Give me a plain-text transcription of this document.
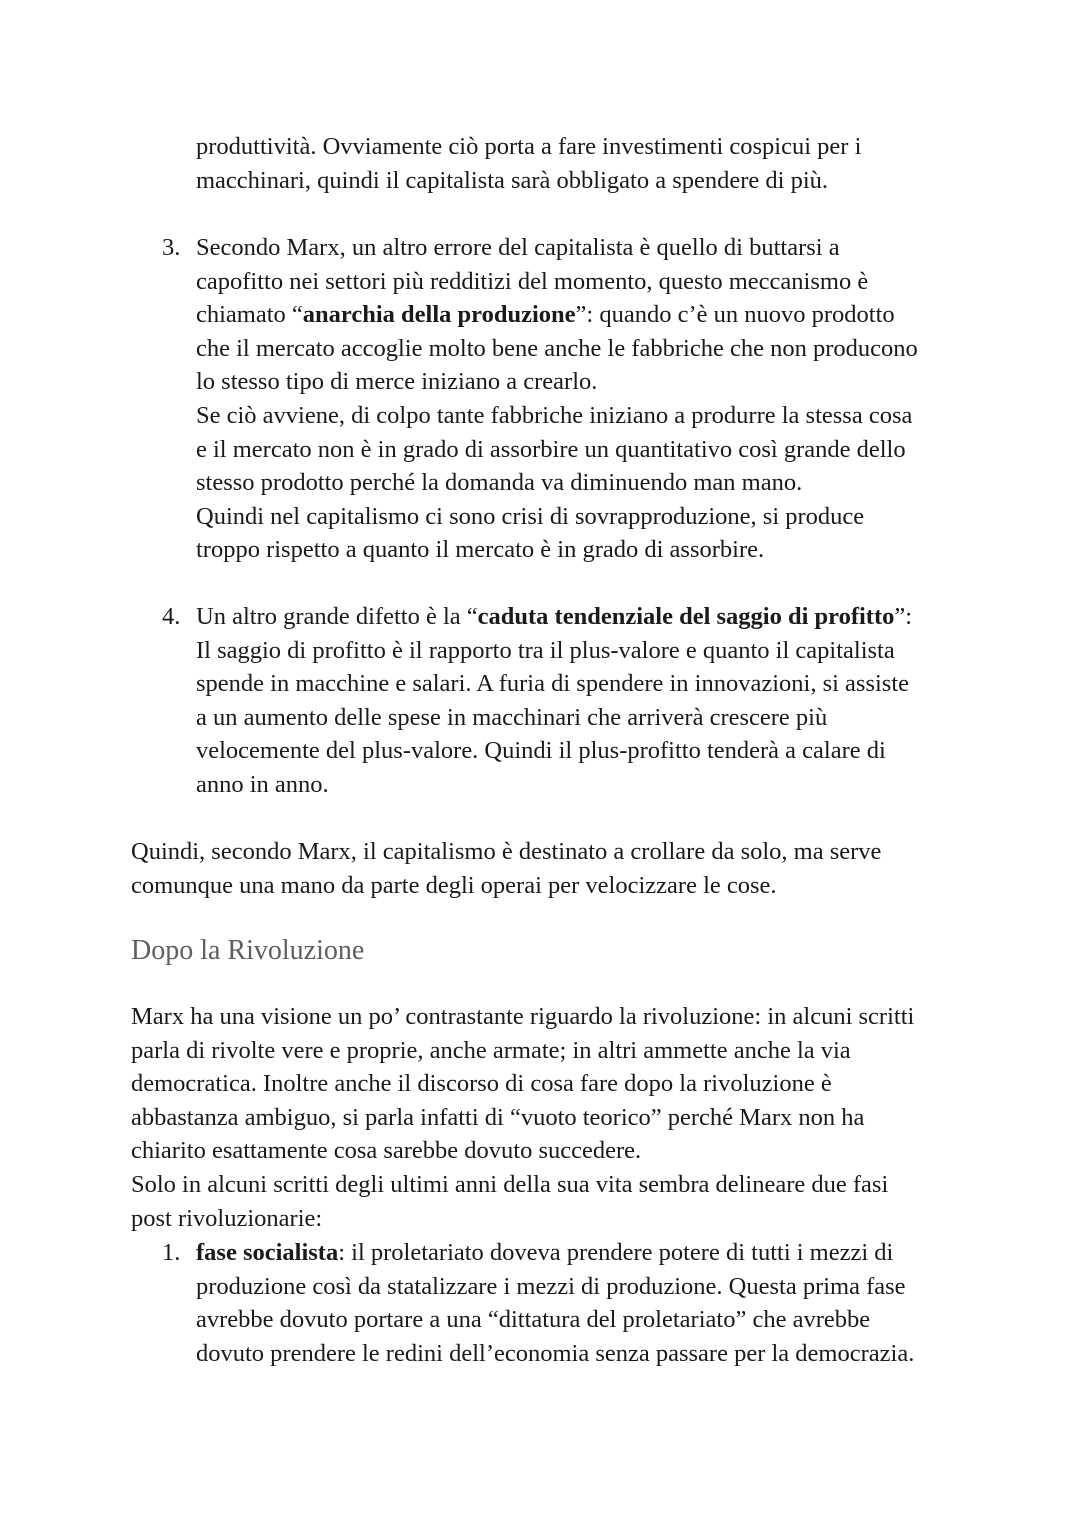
produttività. Ovviamente ciò porta a fare investimenti cospicui per i
macchinari, quindi il capitalista sarà obbligato a spendere di più.
3. Secondo Marx, un altro errore del capitalista è quello di buttarsi a
capofitto nei settori più redditizi del momento, questo meccanismo è
chiamato “anarchia della produzione”: quando c’è un nuovo prodotto
che il mercato accoglie molto bene anche le fabbriche che non producono
lo stesso tipo di merce iniziano a crearlo.
Se ciò avviene, di colpo tante fabbriche iniziano a produrre la stessa cosa
e il mercato non è in grado di assorbire un quantitativo così grande dello
stesso prodotto perché la domanda va diminuendo man mano.
Quindi nel capitalismo ci sono crisi di sovrapproduzione, si produce
troppo rispetto a quanto il mercato è in grado di assorbire.
4. Un altro grande difetto è la “caduta tendenziale del saggio di profitto”:
Il saggio di profitto è il rapporto tra il plus-valore e quanto il capitalista
spende in macchine e salari. A furia di spendere in innovazioni, si assiste
a un aumento delle spese in macchinari che arriverà crescere più
velocemente del plus-valore. Quindi il plus-profitto tenderà a calare di
anno in anno.
Quindi, secondo Marx, il capitalismo è destinato a crollare da solo, ma serve
comunque una mano da parte degli operai per velocizzare le cose.
Dopo la Rivoluzione
Marx ha una visione un po’ contrastante riguardo la rivoluzione: in alcuni scritti
parla di rivolte vere e proprie, anche armate; in altri ammette anche la via
democratica. Inoltre anche il discorso di cosa fare dopo la rivoluzione è
abbastanza ambiguo, si parla infatti di “vuoto teorico” perché Marx non ha
chiarito esattamente cosa sarebbe dovuto succedere.
Solo in alcuni scritti degli ultimi anni della sua vita sembra delineare due fasi
post rivoluzionarie:
1. fase socialista: il proletariato doveva prendere potere di tutti i mezzi di
produzione così da statalizzare i mezzi di produzione. Questa prima fase
avrebbe dovuto portare a una “dittatura del proletariato” che avrebbe
dovuto prendere le redini dell’economia senza passare per la democrazia.
